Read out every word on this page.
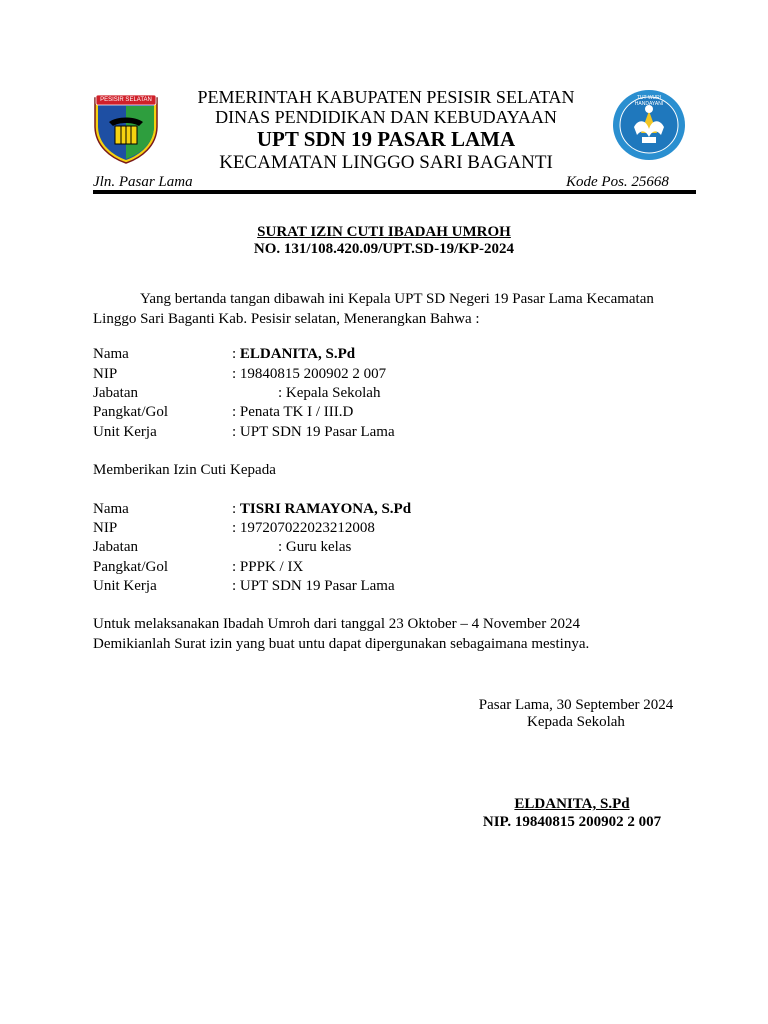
PESISIR SELATAN	TUT WURI HANDAYANI
PEMERINTAH KABUPATEN PESISIR SELATAN
DINAS PENDIDIKAN DAN KEBUDAYAAN
UPT SDN 19 PASAR LAMA
KECAMATAN LINGGO SARI BAGANTI
Jln. Pasar Lama	Kode Pos. 25668
SURAT IZIN CUTI IBADAH UMROH
NO. 131/108.420.09/UPT.SD-19/KP-2024
Yang bertanda tangan dibawah ini Kepala UPT SD Negeri 19 Pasar Lama Kecamatan
Linggo Sari Baganti Kab. Pesisir selatan, Menerangkan Bahwa :
Nama	: ELDANITA, S.Pd
NIP	: 19840815 200902 2 007
Jabatan	: Kepala Sekolah
Pangkat/Gol	: Penata TK I / III.D
Unit Kerja	: UPT SDN 19 Pasar Lama
Memberikan Izin Cuti Kepada
Nama	: TISRI RAMAYONA, S.Pd
NIP	: 197207022023212008
Jabatan	: Guru kelas
Pangkat/Gol	: PPPK / IX
Unit Kerja	: UPT SDN 19 Pasar Lama
Untuk melaksanakan Ibadah Umroh dari tanggal 23 Oktober – 4 November 2024
Demikianlah Surat izin yang buat untu dapat dipergunakan sebagaimana mestinya.
Pasar Lama, 30 September 2024
Kepada Sekolah
ELDANITA, S.Pd
NIP. 19840815 200902 2 007
